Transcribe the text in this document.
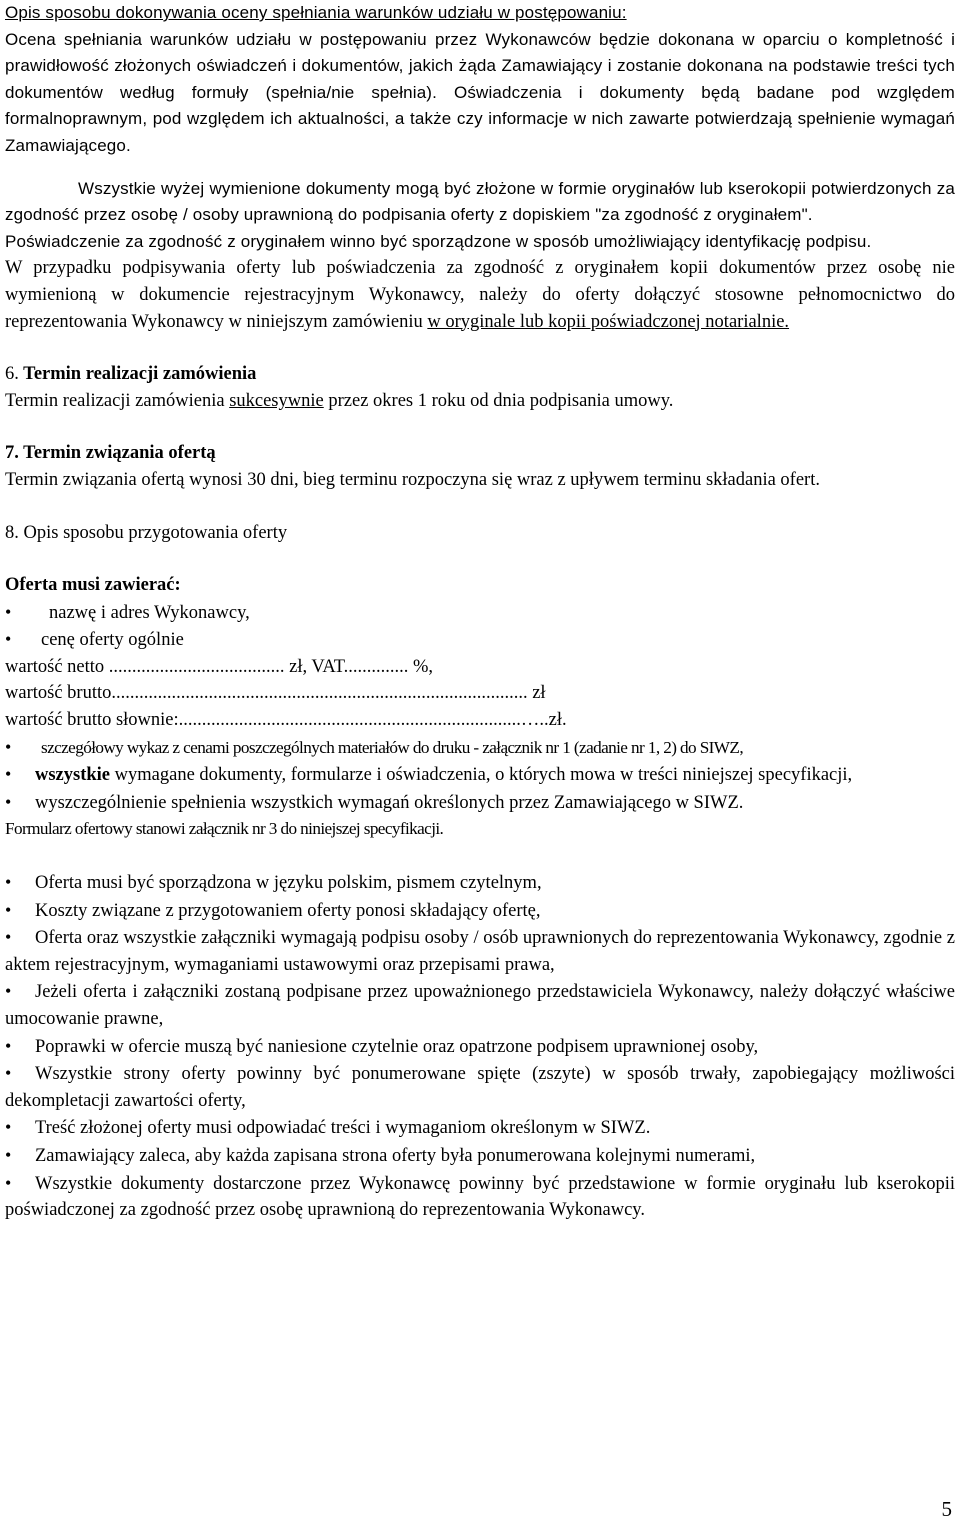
Opis sposobu dokonywania oceny spełniania warunków udziału w postępowaniu:

Ocena spełniania warunków udziału w postępowaniu przez Wykonawców będzie dokonana w oparciu o kompletność i prawidłowość złożonych oświadczeń i dokumentów, jakich żąda Zamawiający i zostanie dokonana na podstawie treści tych dokumentów według formuły (spełnia/nie spełnia). Oświadczenia i dokumenty będą badane pod względem formalnoprawnym, pod względem ich aktualności, a także czy informacje w nich zawarte potwierdzają spełnienie wymagań Zamawiającego.

Wszystkie wyżej wymienione dokumenty mogą być złożone w formie oryginałów lub kserokopii potwierdzonych za zgodność przez osobę / osoby uprawnioną do podpisania oferty z dopiskiem "za zgodność z oryginałem".

Poświadczenie za zgodność z oryginałem winno być sporządzone w sposób umożliwiający identyfikację podpisu.

W przypadku podpisywania oferty lub poświadczenia za zgodność z oryginałem kopii dokumentów przez osobę nie wymienioną w dokumencie rejestracyjnym Wykonawcy, należy do oferty dołączyć stosowne pełnomocnictwo do reprezentowania Wykonawcy w niniejszym zamówieniu w oryginale lub kopii poświadczonej notarialnie.

6. Termin realizacji zamówienia

Termin realizacji zamówienia sukcesywnie przez okres 1 roku od dnia podpisania umowy.

7. Termin związania ofertą

Termin związania ofertą wynosi 30 dni, bieg terminu rozpoczyna się wraz z upływem terminu składania ofert.

8. Opis sposobu przygotowania oferty

Oferta musi zawierać:

• nazwę i adres Wykonawcy,

• cenę oferty ogólnie

wartość netto ...................................... zł, VAT.............. %,

wartość brutto.......................................................................................... zł

wartość brutto słownie:..........................................................................…..zł.

• szczegółowy wykaz z cenami poszczególnych materiałów do druku - załącznik nr 1 (zadanie nr 1, 2) do SIWZ,

• wszystkie wymagane dokumenty, formularze i oświadczenia, o których mowa w treści niniejszej specyfikacji,

• wyszczególnienie spełnienia wszystkich wymagań określonych przez Zamawiającego w SIWZ.

Formularz ofertowy stanowi załącznik nr 3 do niniejszej specyfikacji.

• Oferta musi być sporządzona w języku polskim, pismem czytelnym,

• Koszty związane z przygotowaniem oferty ponosi składający ofertę,

• Oferta oraz wszystkie załączniki wymagają podpisu osoby / osób uprawnionych do reprezentowania Wykonawcy, zgodnie z aktem rejestracyjnym, wymaganiami ustawowymi oraz przepisami prawa,

• Jeżeli oferta i załączniki zostaną podpisane przez upoważnionego przedstawiciela Wykonawcy, należy dołączyć właściwe umocowanie prawne,

• Poprawki w ofercie muszą być naniesione czytelnie oraz opatrzone podpisem uprawnionej osoby,

• Wszystkie strony oferty powinny być ponumerowane spięte (zszyte) w sposób trwały, zapobiegający możliwości dekompletacji zawartości oferty,

• Treść złożonej oferty musi odpowiadać treści i wymaganiom określonym w SIWZ.

• Zamawiający zaleca, aby każda zapisana strona oferty była ponumerowana kolejnymi numerami,

• Wszystkie dokumenty dostarczone przez Wykonawcę powinny być przedstawione w formie oryginału lub kserokopii poświadczonej za zgodność przez osobę uprawnioną do reprezentowania Wykonawcy.

5
